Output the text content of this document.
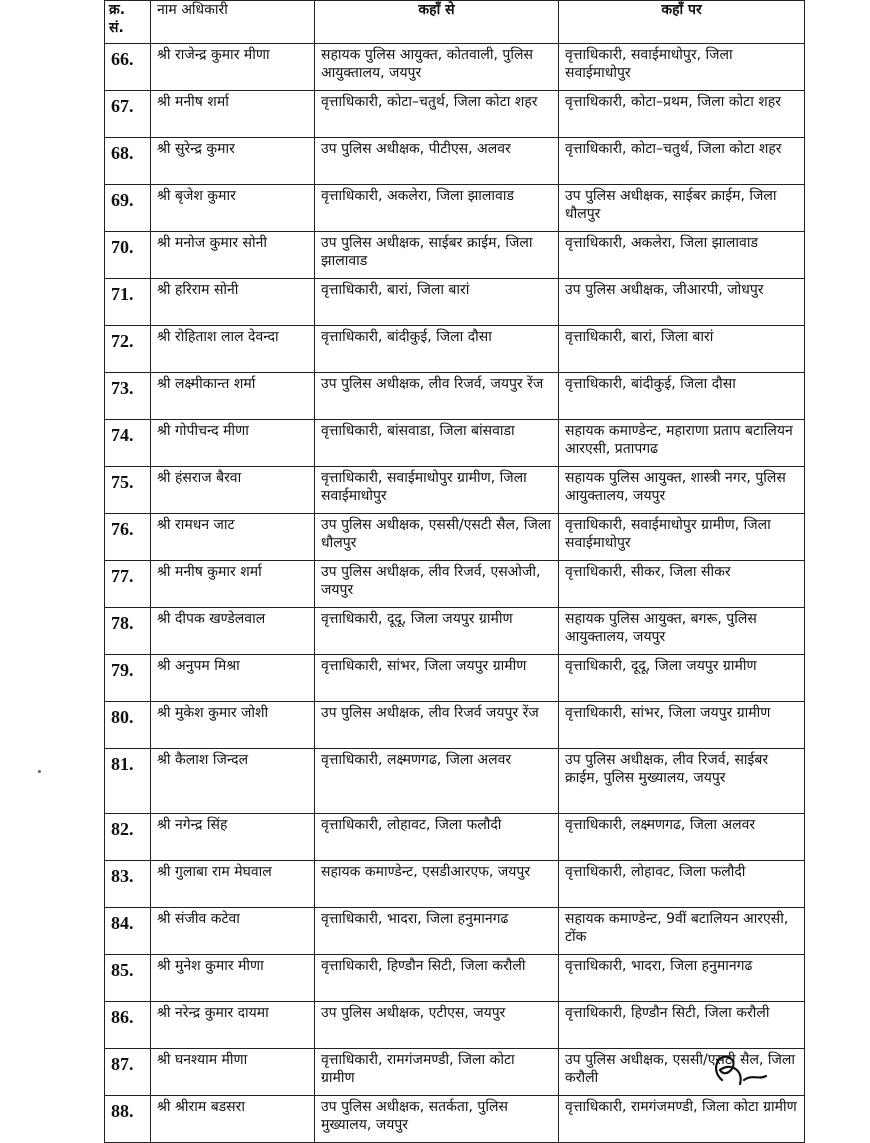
क्र. सं.	नाम अधिकारी	कहाँ से	कहाँ पर
66.	श्री राजेन्द्र कुमार मीणा	सहायक पुलिस आयुक्त, कोतवाली, पुलिस आयुक्तालय, जयपुर	वृत्ताधिकारी, सवाईमाधोपुर, जिला सवाईमाधोपुर
67.	श्री मनीष शर्मा	वृत्ताधिकारी, कोटा–चतुर्थ, जिला कोटा शहर	वृत्ताधिकारी, कोटा–प्रथम, जिला कोटा शहर
68.	श्री सुरेन्द्र कुमार	उप पुलिस अधीक्षक, पीटीएस, अलवर	वृत्ताधिकारी, कोटा–चतुर्थ, जिला कोटा शहर
69.	श्री बृजेश कुमार	वृत्ताधिकारी, अकलेरा, जिला झालावाड	उप पुलिस अधीक्षक, साईबर क्राईम, जिला धौलपुर
70.	श्री मनोज कुमार सोनी	उप पुलिस अधीक्षक, साईबर क्राईम, जिला झालावाड	वृत्ताधिकारी, अकलेरा, जिला झालावाड
71.	श्री हरिराम सोनी	वृत्ताधिकारी, बारां, जिला बारां	उप पुलिस अधीक्षक, जीआरपी, जोधपुर
72.	श्री रोहिताश लाल देवन्दा	वृत्ताधिकारी, बांदीकुई, जिला दौसा	वृत्ताधिकारी, बारां, जिला बारां
73.	श्री लक्ष्मीकान्त शर्मा	उप पुलिस अधीक्षक, लीव रिजर्व, जयपुर रेंज	वृत्ताधिकारी, बांदीकुई, जिला दौसा
74.	श्री गोपीचन्द मीणा	वृत्ताधिकारी, बांसवाडा, जिला बांसवाडा	सहायक कमाण्डेन्ट, महाराणा प्रताप बटालियन आरएसी, प्रतापगढ
75.	श्री हंसराज बैरवा	वृत्ताधिकारी, सवाईमाधोपुर ग्रामीण, जिला सवाईमाधोपुर	सहायक पुलिस आयुक्त, शास्त्री नगर, पुलिस आयुक्तालय, जयपुर
76.	श्री रामधन जाट	उप पुलिस अधीक्षक, एससी/एसटी सैल, जिला धौलपुर	वृत्ताधिकारी, सवाईमाधोपुर ग्रामीण, जिला सवाईमाधोपुर
77.	श्री मनीष कुमार शर्मा	उप पुलिस अधीक्षक, लीव रिजर्व, एसओजी, जयपुर	वृत्ताधिकारी, सीकर, जिला सीकर
78.	श्री दीपक खण्डेलवाल	वृत्ताधिकारी, दूदू, जिला जयपुर ग्रामीण	सहायक पुलिस आयुक्त, बगरू, पुलिस आयुक्तालय, जयपुर
79.	श्री अनुपम मिश्रा	वृत्ताधिकारी, सांभर, जिला जयपुर ग्रामीण	वृत्ताधिकारी, दूदू, जिला जयपुर ग्रामीण
80.	श्री मुकेश कुमार जोशी	उप पुलिस अधीक्षक, लीव रिजर्व जयपुर रेंज	वृत्ताधिकारी, सांभर, जिला जयपुर ग्रामीण
81.	श्री कैलाश जिन्दल	वृत्ताधिकारी, लक्ष्मणगढ, जिला अलवर	उप पुलिस अधीक्षक, लीव रिजर्व, साईबर क्राईम, पुलिस मुख्यालय, जयपुर
82.	श्री नगेन्द्र सिंह	वृत्ताधिकारी, लोहावट, जिला फलौदी	वृत्ताधिकारी, लक्ष्मणगढ, जिला अलवर
83.	श्री गुलाबा राम मेघवाल	सहायक कमाण्डेन्ट, एसडीआरएफ, जयपुर	वृत्ताधिकारी, लोहावट, जिला फलौदी
84.	श्री संजीव कटेवा	वृत्ताधिकारी, भादरा, जिला हनुमानगढ	सहायक कमाण्डेन्ट, 9वीं बटालियन आरएसी, टोंक
85.	श्री मुनेश कुमार मीणा	वृत्ताधिकारी, हिण्डौन सिटी, जिला करौली	वृत्ताधिकारी, भादरा, जिला हनुमानगढ
86.	श्री नरेन्द्र कुमार दायमा	उप पुलिस अधीक्षक, एटीएस, जयपुर	वृत्ताधिकारी, हिण्डौन सिटी, जिला करौली
87.	श्री घनश्याम मीणा	वृत्ताधिकारी, रामगंजमण्डी, जिला कोटा ग्रामीण	उप पुलिस अधीक्षक, एससी/एसटी सैल, जिला करौली
88.	श्री श्रीराम बडसरा	उप पुलिस अधीक्षक, सतर्कता, पुलिस मुख्यालय, जयपुर	वृत्ताधिकारी, रामगंजमण्डी, जिला कोटा ग्रामीण
